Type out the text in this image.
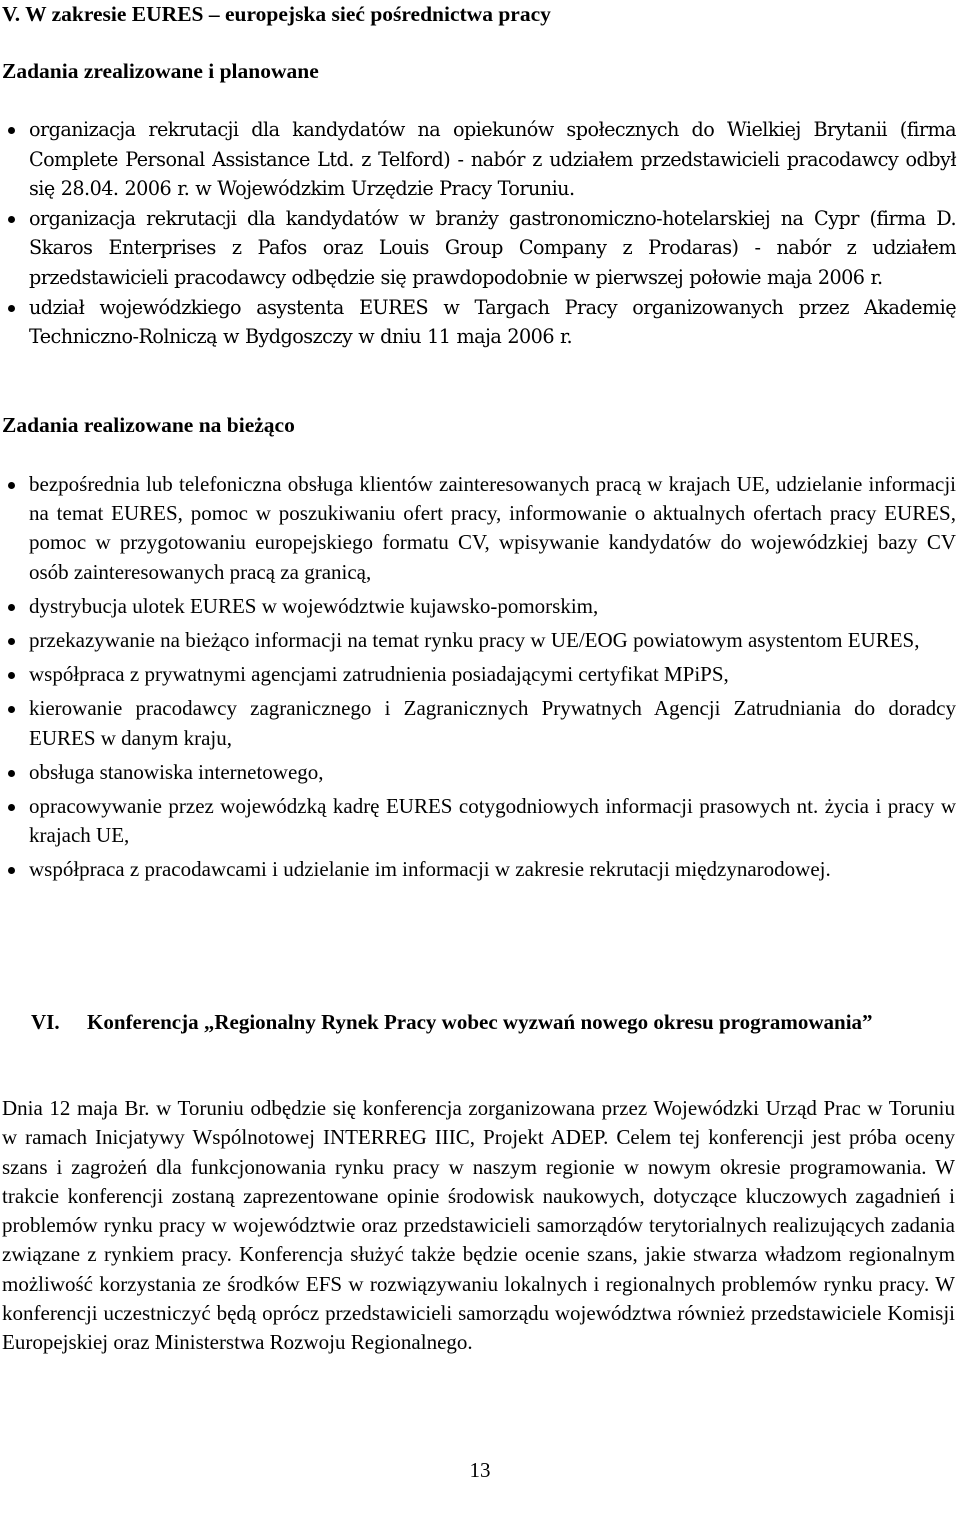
V. W zakresie EURES – europejska sieć pośrednictwa pracy
Zadania zrealizowane i planowane
organizacja rekrutacji dla kandydatów na opiekunów społecznych do Wielkiej Brytanii (firma Complete Personal Assistance Ltd. z Telford) - nabór z udziałem przedstawicieli pracodawcy odbył się 28.04. 2006 r. w Wojewódzkim Urzędzie Pracy Toruniu.
organizacja rekrutacji dla kandydatów w branży gastronomiczno-hotelarskiej na Cypr (firma D. Skaros Enterprises z Pafos oraz Louis Group Company z Prodaras) - nabór z udziałem przedstawicieli pracodawcy odbędzie się prawdopodobnie w pierwszej połowie maja 2006 r.
udział wojewódzkiego asystenta EURES w Targach Pracy organizowanych przez Akademię Techniczno-Rolniczą w Bydgoszczy w dniu 11 maja 2006 r.
Zadania realizowane na bieżąco
bezpośrednia lub telefoniczna obsługa klientów zainteresowanych pracą w krajach UE, udzielanie informacji na temat EURES, pomoc w poszukiwaniu ofert pracy, informowanie o aktualnych ofertach pracy EURES, pomoc w przygotowaniu europejskiego formatu CV, wpisywanie kandydatów do wojewódzkiej bazy CV osób zainteresowanych pracą za granicą,
dystrybucja ulotek EURES w województwie kujawsko-pomorskim,
przekazywanie na bieżąco informacji na temat rynku pracy w UE/EOG powiatowym asystentom EURES,
współpraca z prywatnymi agencjami zatrudnienia posiadającymi certyfikat MPiPS,
kierowanie pracodawcy zagranicznego i Zagranicznych Prywatnych Agencji Zatrudniania do doradcy EURES w danym kraju,
obsługa stanowiska internetowego,
opracowywanie przez wojewódzką kadrę EURES cotygodniowych informacji prasowych nt. życia i pracy w krajach UE,
współpraca z pracodawcami i udzielanie im informacji w zakresie rekrutacji międzynarodowej.

VI. Konferencja „Regionalny Rynek Pracy wobec wyzwań nowego okresu programowania”

Dnia 12 maja Br. w Toruniu odbędzie się konferencja zorganizowana przez Wojewódzki Urząd Prac w Toruniu w ramach Inicjatywy Wspólnotowej INTERREG IIIC, Projekt ADEP. Celem tej konferencji jest próba oceny szans i zagrożeń dla funkcjonowania rynku pracy w naszym regionie w nowym okresie programowania. W trakcie konferencji zostaną zaprezentowane opinie środowisk naukowych, dotyczące kluczowych zagadnień i problemów rynku pracy w województwie oraz przedstawicieli samorządów terytorialnych realizujących zadania związane z rynkiem pracy. Konferencja służyć także będzie ocenie szans, jakie stwarza władzom regionalnym możliwość korzystania ze środków EFS w rozwiązywaniu lokalnych i regionalnych problemów rynku pracy. W konferencji uczestniczyć będą oprócz przedstawicieli samorządu województwa również przedstawiciele Komisji Europejskiej oraz Ministerstwa Rozwoju Regionalnego.

13
